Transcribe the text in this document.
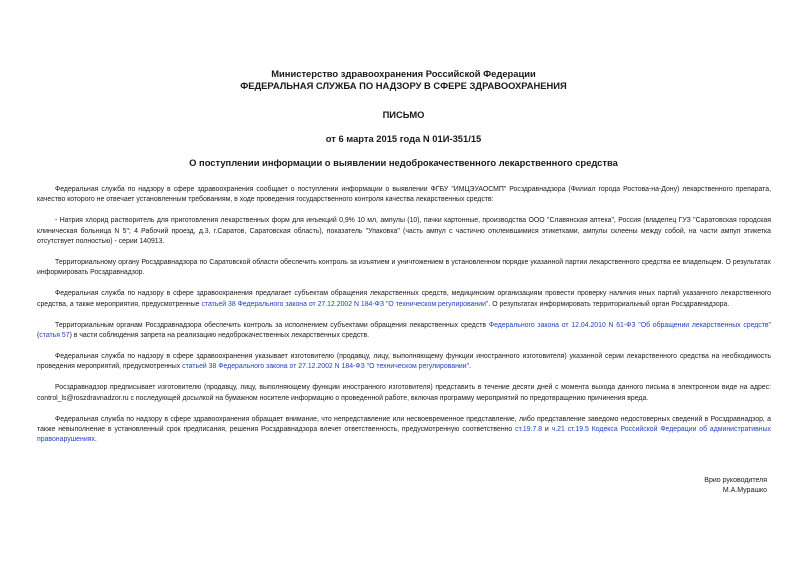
Министерство здравоохранения Российской Федерации
ФЕДЕРАЛЬНАЯ СЛУЖБА ПО НАДЗОРУ В СФЕРЕ ЗДРАВООХРАНЕНИЯ
ПИСЬМО
от 6 марта 2015 года N 01И-351/15
О поступлении информации о выявлении недоброкачественного лекарственного средства

Федеральная служба по надзору в сфере здравоохранения сообщает о поступлении информации о выявлении ФГБУ "ИМЦЭУАОСМП" Росздравнадзора (Филиал города Ростова-на-Дону) лекарственного препарата, качество которого не отвечает установленным требованиям, в ходе проведения государственного контроля качества лекарственных средств:

- Натрия хлорид растворитель для приготовления лекарственных форм для инъекций 0,9% 10 мл, ампулы (10), пачки картонные, производства ООО "Славянская аптека", Россия (владелец ГУЗ "Саратовская городская клиническая больница N 5"; 4 Рабочий проезд, д.3, г.Саратов, Саратовская область), показатель "Упаковка" (часть ампул с частично отклеившимися этикетками, ампулы склеены между собой, на части ампул этикетка отсутствует полностью) - серии 140913.

Территориальному органу Росздравнадзора по Саратовской области обеспечить контроль за изъятием и уничтожением в установленном порядке указанной партии лекарственного средства ее владельцем. О результатах информировать Росздравнадзор.

Федеральная служба по надзору в сфере здравоохранения предлагает субъектам обращения лекарственных средств, медицинским организациям провести проверку наличия иных партий указанного лекарственного средства, а также мероприятия, предусмотренные статьей 38 Федерального закона от 27.12.2002 N 184-ФЗ "О техническом регулировании". О результатах информировать территориальный орган Росздравнадзора.

Территориальным органам Росздравнадзора обеспечить контроль за исполнением субъектами обращения лекарственных средств Федерального закона от 12.04.2010 N 61-ФЗ "Об обращении лекарственных средств" (статья 57) в части соблюдения запрета на реализацию недоброкачественных лекарственных средств.

Федеральная служба по надзору в сфере здравоохранения указывает изготовителю (продавцу, лицу, выполняющему функции иностранного изготовителя) указанной серии лекарственного средства на необходимость проведения мероприятий, предусмотренных статьей 38 Федерального закона от 27.12.2002 N 184-ФЗ "О техническом регулировании".

Росздравнадзор предписывает изготовителю (продавцу, лицу, выполняющему функции иностранного изготовителя) представить в течение десяти дней с момента выхода данного письма в электронном виде на адрес: control_ls@roszdravnadzor.ru с последующей досылкой на бумажном носителе информацию о проведенной работе, включая программу мероприятий по предотвращению причинения вреда.

Федеральная служба по надзору в сфере здравоохранения обращает внимание, что непредставление или несвоевременное представление, либо представление заведомо недостоверных сведений в Росздравнадзор, а также невыполнение в установленный срок предписания, решения Росздравнадзора влечет ответственность, предусмотренную соответственно ст.19.7.8 и ч.21 ст.19.5 Кодекса Российской Федерации об административных правонарушениях.

Врио руководителя
М.А.Мурашко
